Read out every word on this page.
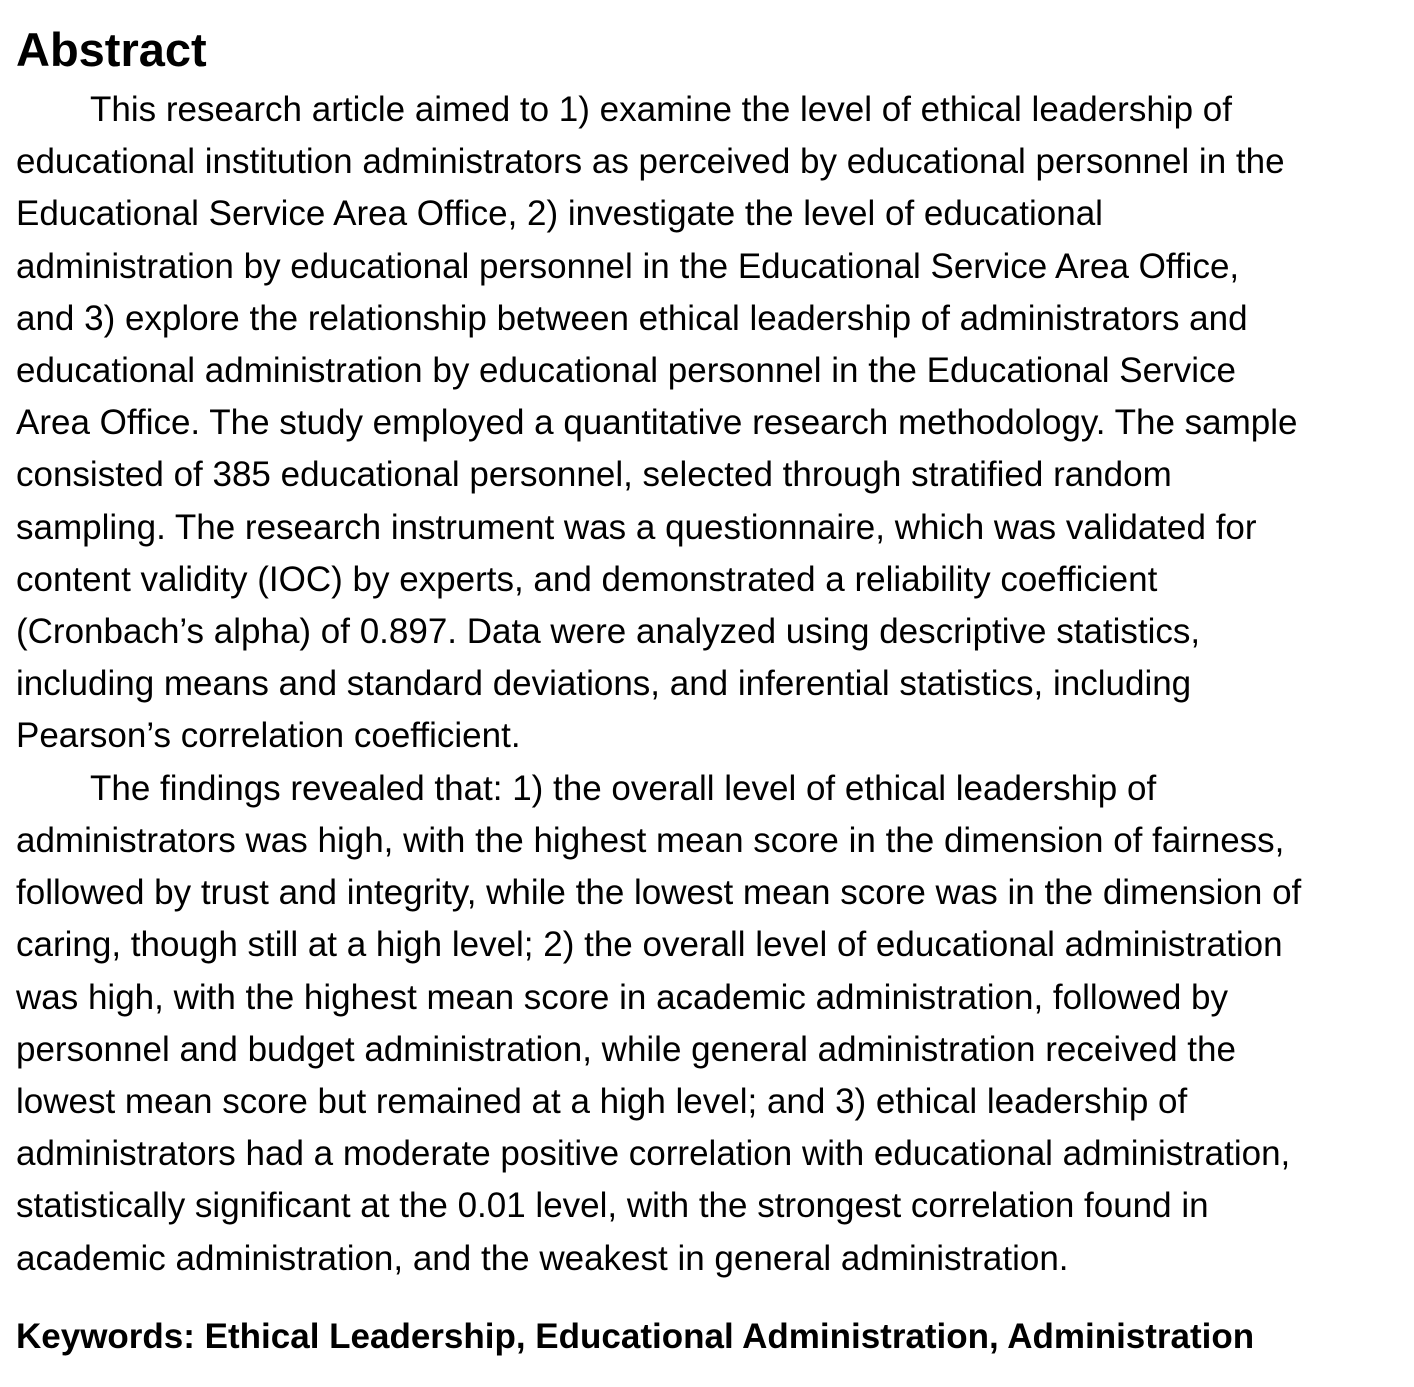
Abstract
This research article aimed to 1) examine the level of ethical leadership of
educational institution administrators as perceived by educational personnel in the
Educational Service Area Office, 2) investigate the level of educational
administration by educational personnel in the Educational Service Area Office,
and 3) explore the relationship between ethical leadership of administrators and
educational administration by educational personnel in the Educational Service
Area Office. The study employed a quantitative research methodology. The sample
consisted of 385 educational personnel, selected through stratified random
sampling. The research instrument was a questionnaire, which was validated for
content validity (IOC) by experts, and demonstrated a reliability coefficient
(Cronbach’s alpha) of 0.897. Data were analyzed using descriptive statistics,
including means and standard deviations, and inferential statistics, including
Pearson’s correlation coefficient.
The findings revealed that: 1) the overall level of ethical leadership of
administrators was high, with the highest mean score in the dimension of fairness,
followed by trust and integrity, while the lowest mean score was in the dimension of
caring, though still at a high level; 2) the overall level of educational administration
was high, with the highest mean score in academic administration, followed by
personnel and budget administration, while general administration received the
lowest mean score but remained at a high level; and 3) ethical leadership of
administrators had a moderate positive correlation with educational administration,
statistically significant at the 0.01 level, with the strongest correlation found in
academic administration, and the weakest in general administration.
Keywords: Ethical Leadership, Educational Administration, Administration
